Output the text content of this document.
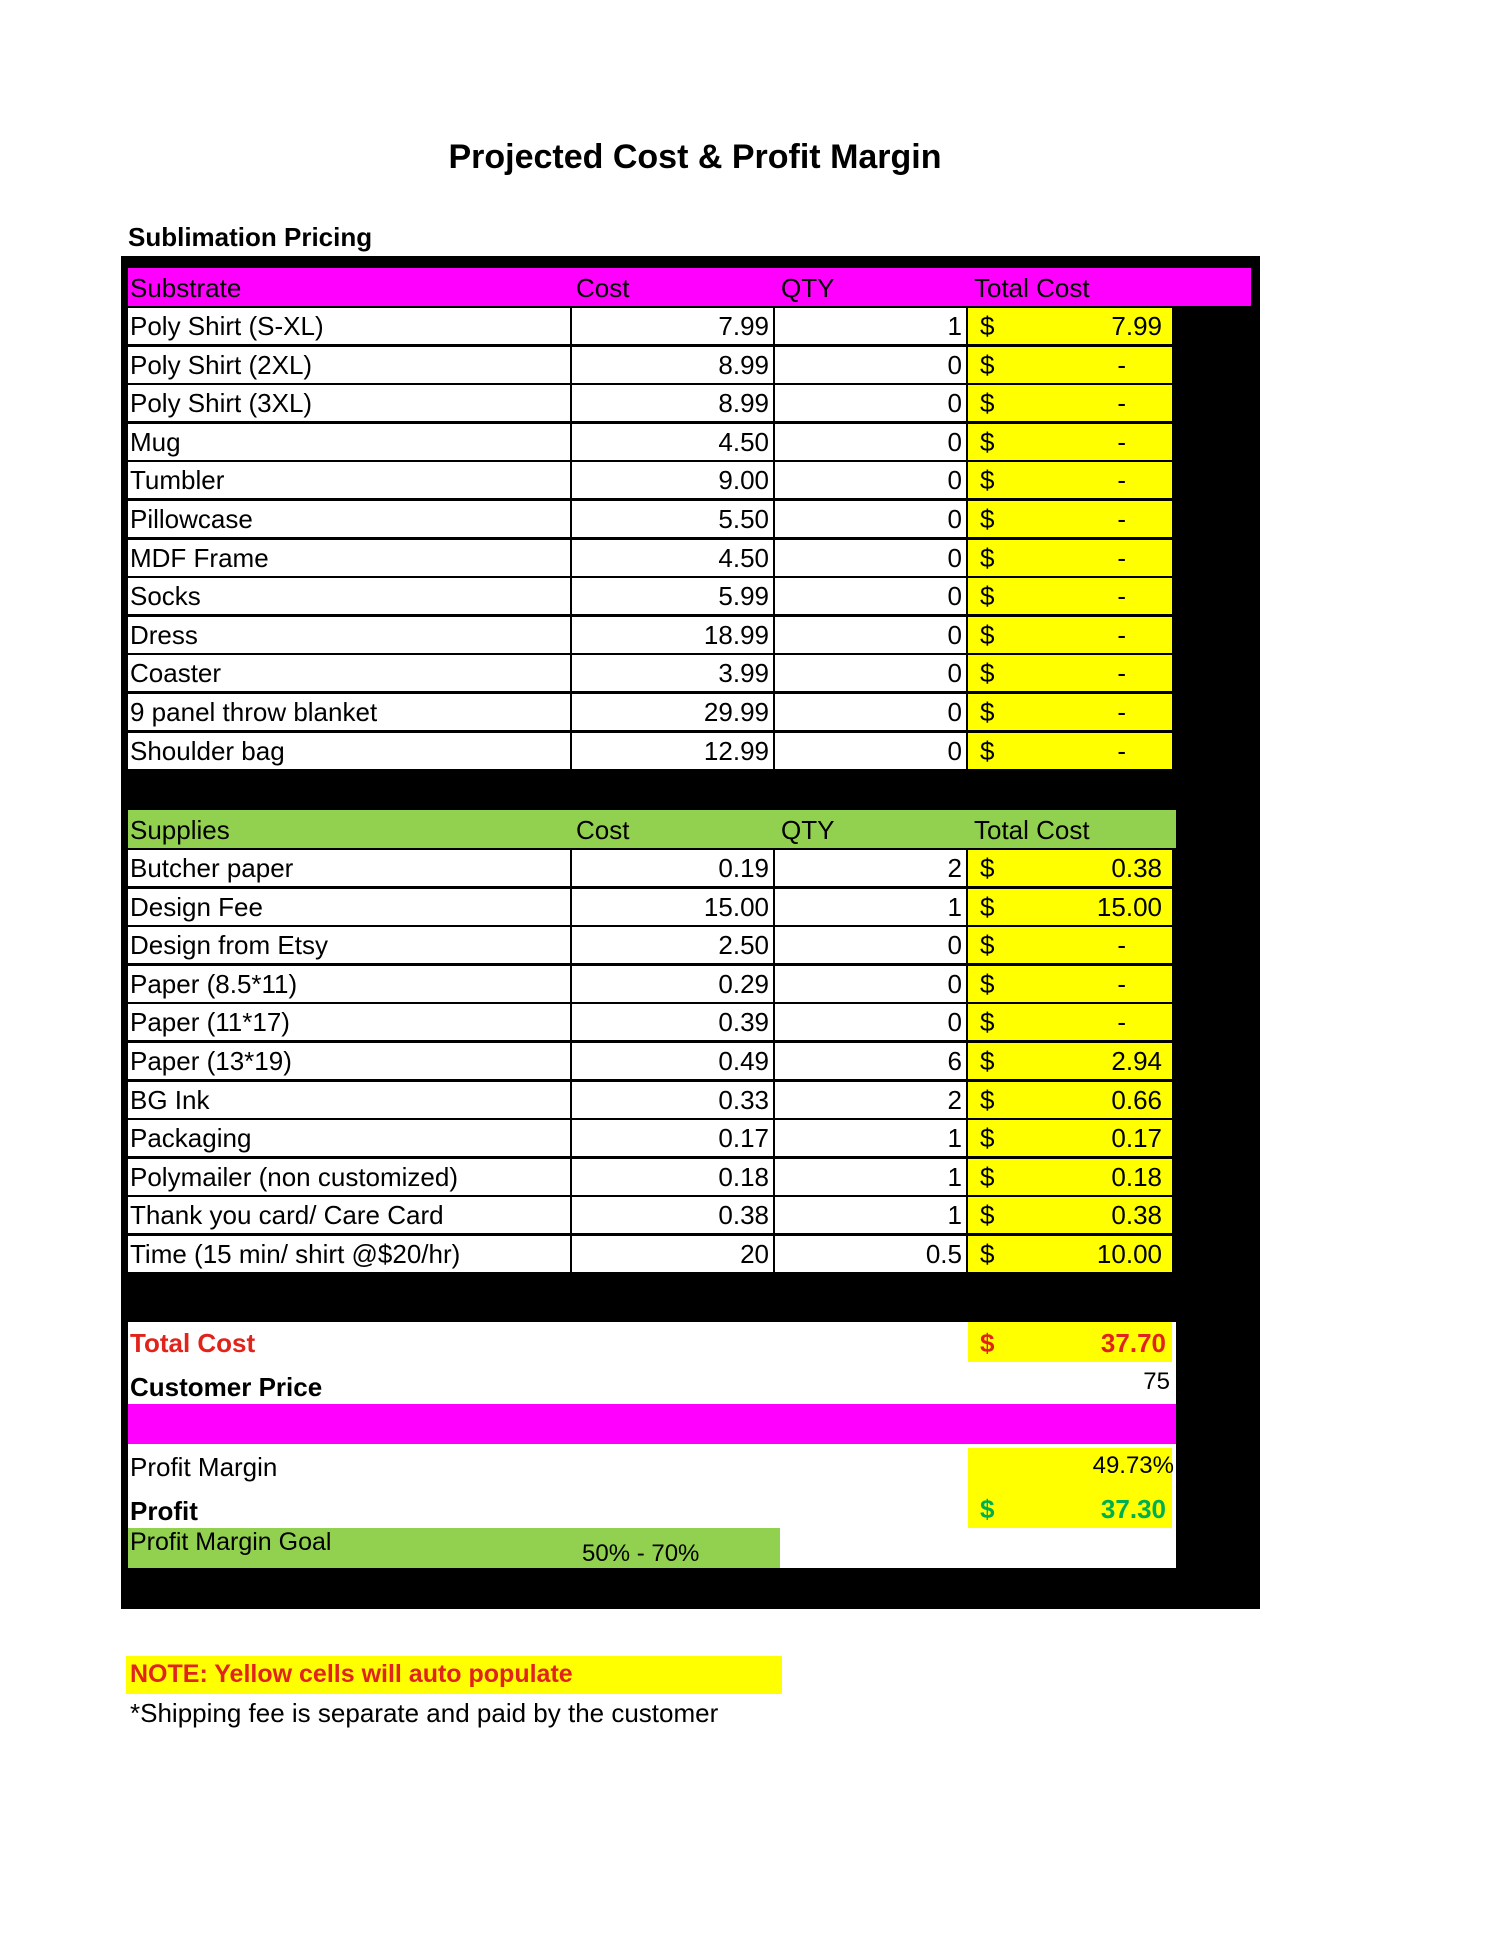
Projected Cost & Profit Margin
Sublimation Pricing
Substrate	Cost	QTY	Total Cost
Poly Shirt (S-XL)	7.99	1 $	7.99
Poly Shirt (2XL)	8.99	0 $	-
Poly Shirt (3XL)	8.99	0 $	-
Mug	4.50	0 $	-
Tumbler	9.00	0 $	-
Pillowcase	5.50	0 $	-
MDF Frame	4.50	0 $	-
Socks	5.99	0 $	-
Dress	18.99	0 $	-
Coaster	3.99	0 $	-
9 panel throw blanket	29.99	0 $	-
Shoulder bag	12.99	0 $	-
Supplies	Cost	QTY	Total Cost
Butcher paper	0.19	2 $	0.38
Design Fee	15.00	1 $	15.00
Design from Etsy	2.50	0 $	-
Paper (8.5*11)	0.29	0 $	-
Paper (11*17)	0.39	0 $	-
Paper (13*19)	0.49	6 $	2.94
BG Ink	0.33	2 $	0.66
Packaging	0.17	1 $	0.17
Polymailer (non customized)	0.18	1 $	0.18
Thank you card/ Care Card	0.38	1 $	0.38
Time (15 min/ shirt @$20/hr)	20	0.5 $	10.00
Total Cost	$	37.70
Customer Price	75
Profit Margin	49.73%
Profit	$	37.30
Profit Margin Goal	50% - 70%
NOTE: Yellow cells will auto populate
*Shipping fee is separate and paid by the customer
